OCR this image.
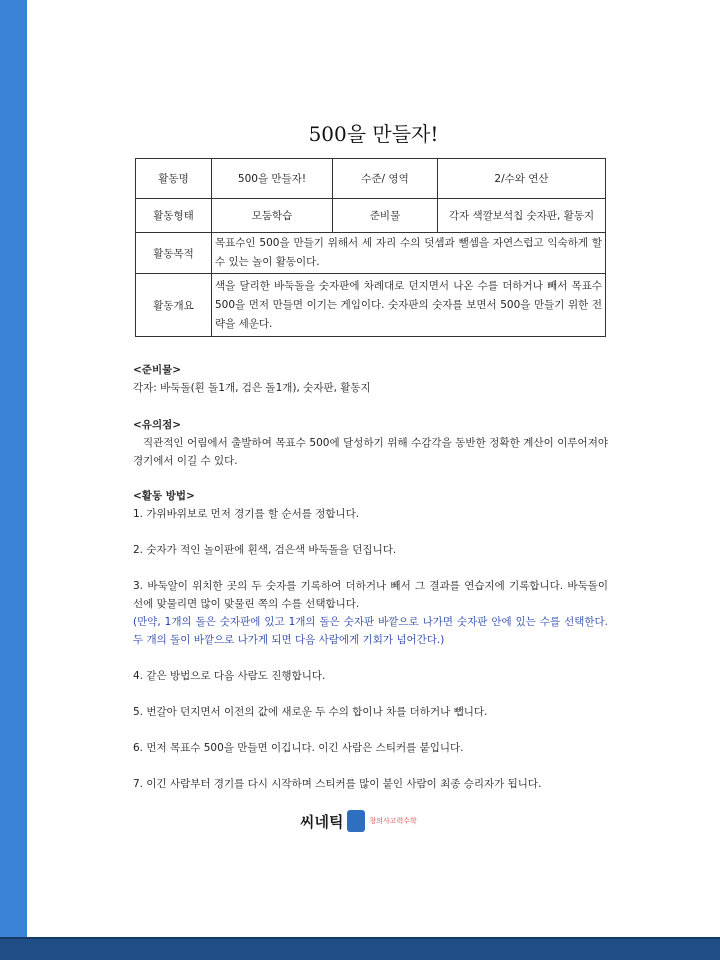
500을 만들자!
활동명	500을 만들자!	수준/ 영역	2/수와 연산
활동형태	모둠학습	준비물	각자 색깔보석칩 숫자판, 활동지
활동목적	목표수인 500을 만들기 위해서 세 자리 수의 덧셈과 뺄셈을 자연스럽고 익숙하게 할 수 있는 놀이 활동이다.		
활동개요	색을 달리한 바둑돌을 숫자판에 차례대로 던지면서 나온 수를 더하거나 빼서 목표수 500을 먼저 만들면 이기는 게임이다. 숫자판의 숫자를 보면서 500을 만들기 위한 전략을 세운다.		
<준비물>
각자: 바둑돌(흰 돌1개, 검은 돌1개), 숫자판, 활동지
<유의점>
직관적인 어림에서 출발하여 목표수 500에 달성하기 위해 수감각을 동반한 정확한 계산이 이루어져야 경기에서 이길 수 있다.
<활동 방법>
1. 가위바위보로 먼저 경기를 할 순서를 정합니다.
2. 숫자가 적인 놀이판에 흰색, 검은색 바둑돌을 던집니다.
3. 바둑알이 위치한 곳의 두 숫자를 기록하여 더하거나 빼서 그 결과를 연습지에 기록합니다. 바둑돌이 선에 맞물리면 많이 맞물린 쪽의 수를 선택합니다.
(만약, 1개의 돌은 숫자판에 있고 1개의 돌은 숫자판 바깥으로 나가면 숫자판 안에 있는 수를 선택한다. 두 개의 돌이 바깥으로 나가게 되면 다음 사람에게 기회가 넘어간다.)
4. 같은 방법으로 다음 사람도 진행합니다.
5. 번갈아 던지면서 이전의 값에 새로운 두 수의 합이나 차를 더하거나 뺍니다.
6. 먼저 목표수 500을 만들면 이깁니다. 이긴 사람은 스티커를 붙입니다.
7. 이긴 사람부터 경기를 다시 시작하며 스티커를 많이 붙인 사람이 최종 승리자가 됩니다.
씨네틱	창의사고력수학
